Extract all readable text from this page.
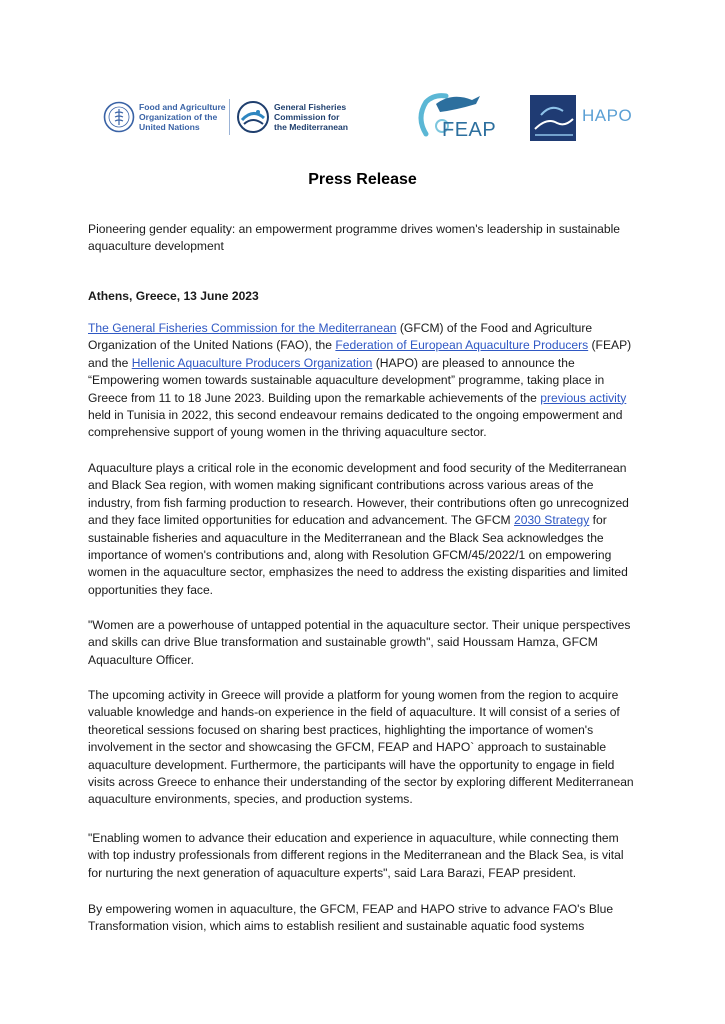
Food and Agriculture
Organization of the
United Nations
General Fisheries
Commission for
the Mediterranean	FEAP
HAPO
Press Release
Pioneering gender equality: an empowerment programme drives women's leadership in sustainable aquaculture development
Athens, Greece, 13 June 2023
The General Fisheries Commission for the Mediterranean (GFCM) of the Food and Agriculture Organization of the United Nations (FAO), the Federation of European Aquaculture Producers (FEAP) and the Hellenic Aquaculture Producers Organization (HAPO) are pleased to announce the “Empowering women towards sustainable aquaculture development” programme, taking place in Greece from 11 to 18 June 2023. Building upon the remarkable achievements of the previous activity held in Tunisia in 2022, this second endeavour remains dedicated to the ongoing empowerment and comprehensive support of young women in the thriving aquaculture sector.
Aquaculture plays a critical role in the economic development and food security of the Mediterranean and Black Sea region, with women making significant contributions across various areas of the industry, from fish farming production to research. However, their contributions often go unrecognized and they face limited opportunities for education and advancement. The GFCM 2030 Strategy for sustainable fisheries and aquaculture in the Mediterranean and the Black Sea acknowledges the importance of women's contributions and, along with Resolution GFCM/45/2022/1 on empowering women in the aquaculture sector, emphasizes the need to address the existing disparities and limited opportunities they face.
"Women are a powerhouse of untapped potential in the aquaculture sector. Their unique perspectives and skills can drive Blue transformation and sustainable growth", said Houssam Hamza, GFCM Aquaculture Officer.
The upcoming activity in Greece will provide a platform for young women from the region to acquire valuable knowledge and hands-on experience in the field of aquaculture. It will consist of a series of theoretical sessions focused on sharing best practices, highlighting the importance of women's involvement in the sector and showcasing the GFCM, FEAP and HAPO` approach to sustainable aquaculture development. Furthermore, the participants will have the opportunity to engage in field visits across Greece to enhance their understanding of the sector by exploring different Mediterranean aquaculture environments, species, and production systems.
"Enabling women to advance their education and experience in aquaculture, while connecting them with top industry professionals from different regions in the Mediterranean and the Black Sea, is vital for nurturing the next generation of aquaculture experts", said Lara Barazi, FEAP president.
By empowering women in aquaculture, the GFCM, FEAP and HAPO strive to advance FAO's Blue Transformation vision, which aims to establish resilient and sustainable aquatic food systems
